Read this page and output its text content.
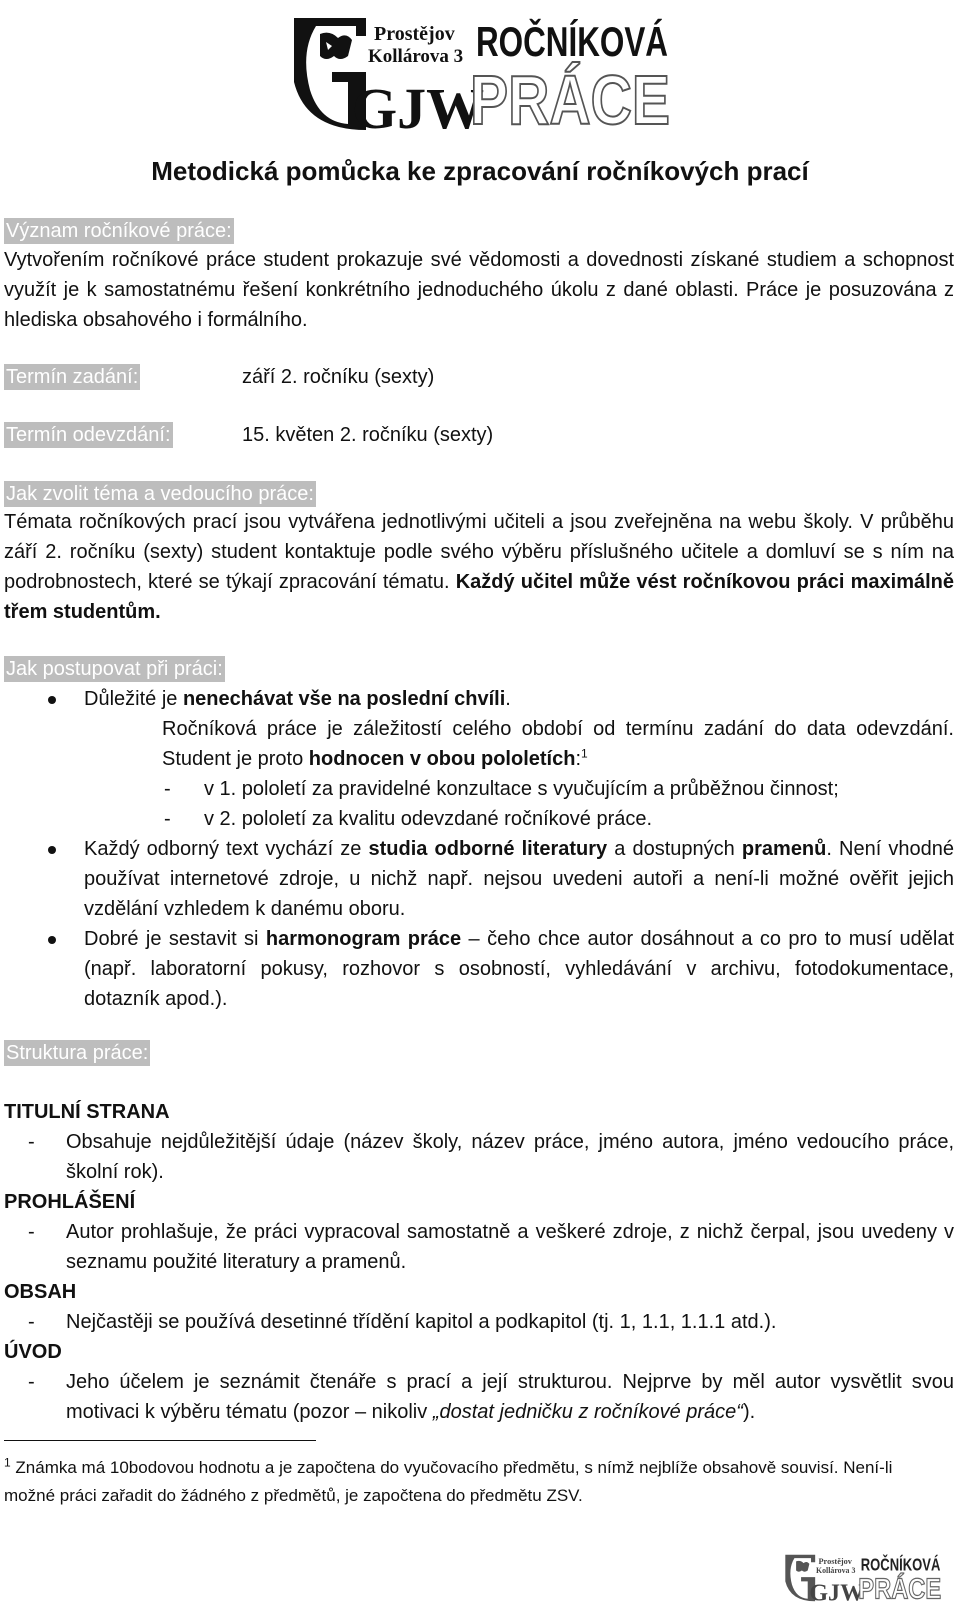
Prostějov
Kollárova 3
GJW
ROČNÍKOVÁ
PRÁCE
Metodická pomůcka ke zpracování ročníkových prací
Význam ročníkové práce:
Vytvořením ročníkové práce student prokazuje své vědomosti a dovednosti získané studiem a schopnost využít je k samostatnému řešení konkrétního jednoduchého úkolu z dané oblasti. Práce je posuzována z hlediska obsahového i formálního.
Termín zadání:	září 2. ročníku (sexty)
Termín odevzdání:	15. květen 2. ročníku (sexty)
Jak zvolit téma a vedoucího práce:
Témata ročníkových prací jsou vytvářena jednotlivými učiteli a jsou zveřejněna na webu školy. V průběhu září 2. ročníku (sexty) student kontaktuje podle svého výběru příslušného učitele a domluví se s ním na podrobnostech, které se týkají zpracování tématu. Každý učitel může vést ročníkovou práci maximálně třem studentům.
Jak postupovat při práci:
Důležité je nenechávat vše na poslední chvíli.
Ročníková práce je záležitostí celého období od termínu zadání do data odevzdání. Student je proto hodnocen v obou pololetích:$^1$
- v 1. pololetí za pravidelné konzultace s vyučujícím a průběžnou činnost;
- v 2. pololetí za kvalitu odevzdané ročníkové práce.
Každý odborný text vychází ze studia odborné literatury a dostupných pramenů. Není vhodné používat internetové zdroje, u nichž např. nejsou uvedeni autoři a není-li možné ověřit jejich vzdělání vzhledem k danému oboru.
Dobré je sestavit si harmonogram práce – čeho chce autor dosáhnout a co pro to musí udělat (např. laboratorní pokusy, rozhovor s osobností, vyhledávání v archivu, fotodokumentace, dotazník apod.).
Struktura práce:
TITULNÍ STRANA
- Obsahuje nejdůležitější údaje (název školy, název práce, jméno autora, jméno vedoucího práce, školní rok).
PROHLÁŠENÍ
- Autor prohlašuje, že práci vypracoval samostatně a veškeré zdroje, z nichž čerpal, jsou uvedeny v seznamu použité literatury a pramenů.
OBSAH
- Nejčastěji se používá desetinné třídění kapitol a podkapitol (tj. 1, 1.1, 1.1.1 atd.).
ÚVOD
- Jeho účelem je seznámit čtenáře s prací a její strukturou. Nejprve by měl autor vysvětlit svou motivaci k výběru tématu (pozor – nikoliv „dostat jedničku z ročníkové práce“).
$^1$ Známka má 10bodovou hodnotu a je započtena do vyučovacího předmětu, s nímž nejblíže obsahově souvisí. Není-li možné práci zařadit do žádného z předmětů, je započtena do předmětu ZSV.
Prostějov
Kollárova 3
GJW
ROČNÍKOVÁ
PRÁCE
